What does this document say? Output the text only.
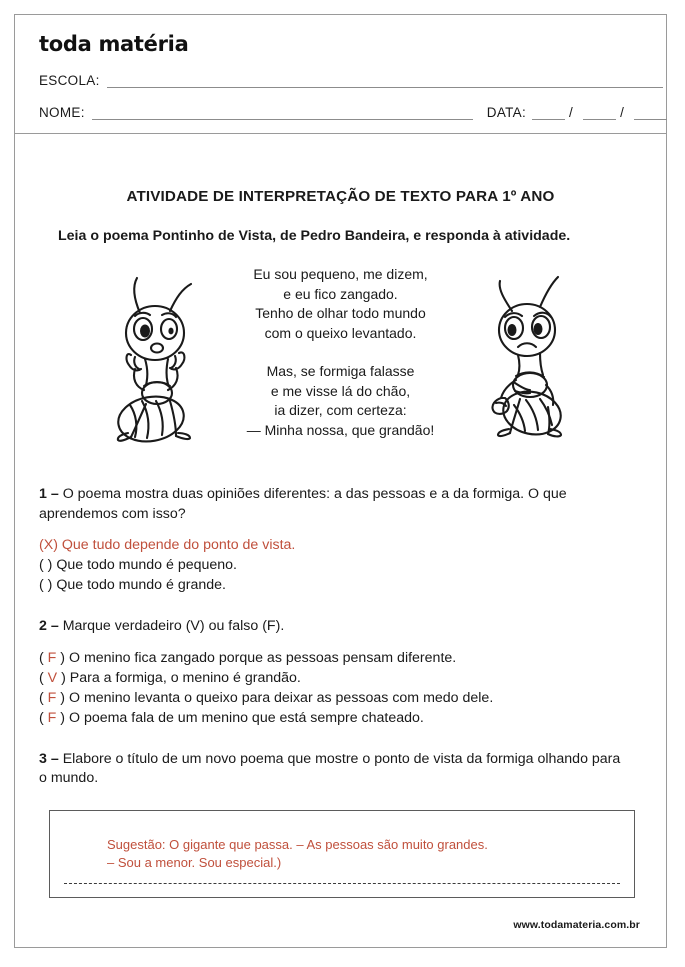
toda matéria
ESCOLA:
NOME:	DATA:	/	/
ATIVIDADE DE INTERPRETAÇÃO DE TEXTO PARA 1º ANO
Leia o poema Pontinho de Vista, de Pedro Bandeira, e responda à atividade.
Eu sou pequeno, me dizem,
e eu fico zangado.
Tenho de olhar todo mundo
com o queixo levantado.
Mas, se formiga falasse
e me visse lá do chão,
ia dizer, com certeza:
— Minha nossa, que grandão!
1 – O poema mostra duas opiniões diferentes: a das pessoas e a da formiga. O que aprendemos com isso?
(X) Que tudo depende do ponto de vista.
( ) Que todo mundo é pequeno.
( ) Que todo mundo é grande.
2 – Marque verdadeiro (V) ou falso (F).
( F ) O menino fica zangado porque as pessoas pensam diferente.
( V ) Para a formiga, o menino é grandão.
( F ) O menino levanta o queixo para deixar as pessoas com medo dele.
( F ) O poema fala de um menino que está sempre chateado.
3 – Elabore o título de um novo poema que mostre o ponto de vista da formiga olhando para o mundo.
Sugestão: O gigante que passa. – As pessoas são muito grandes.
– Sou a menor. Sou especial.)
www.todamateria.com.br
